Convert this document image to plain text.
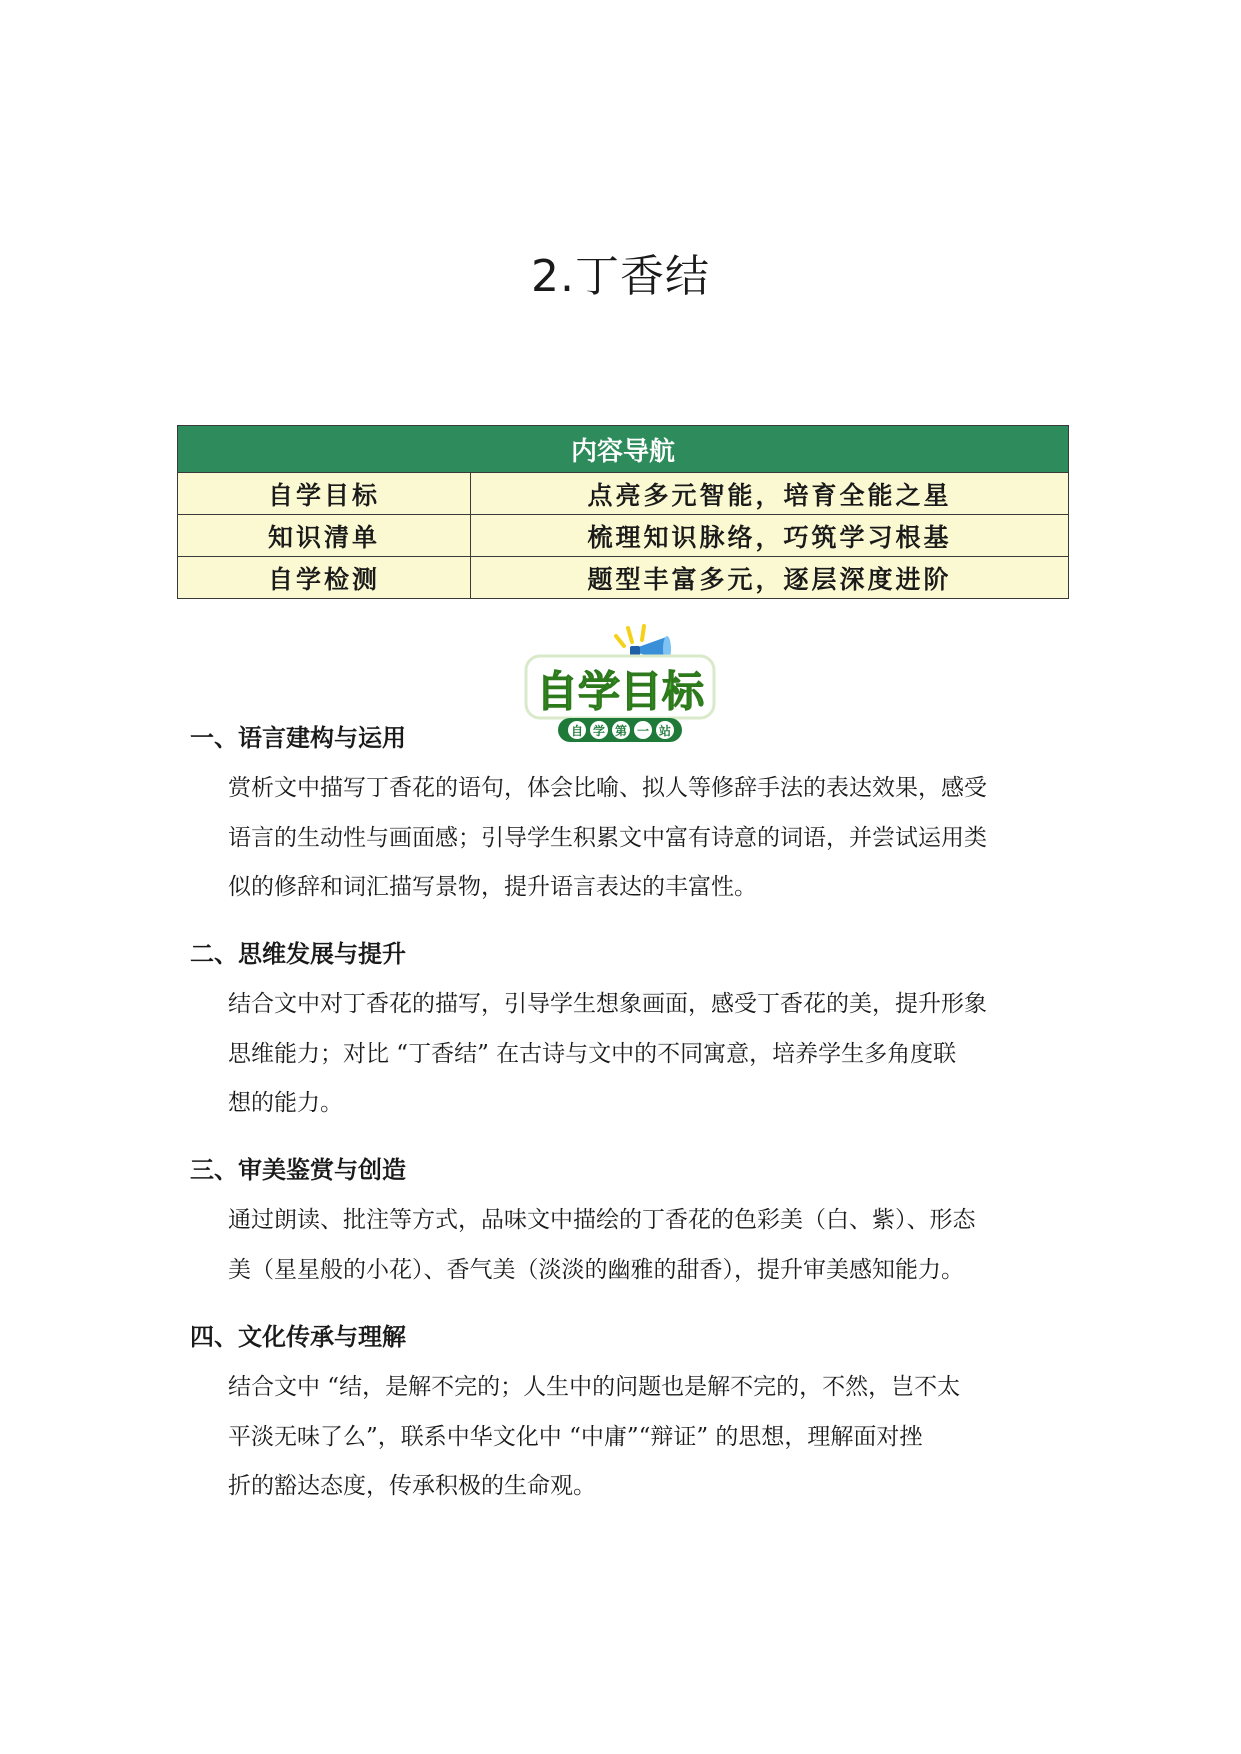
2.丁香结
内容导航	
自学目标	点亮多元智能，培育全能之星
知识清单	梳理知识脉络，巧筑学习根基
自学检测	题型丰富多元，逐层深度进阶
自学目标
自 学 第 一 站
一、语言建构与运用
赏析文中描写丁香花的语句，体会比喻、拟人等修辞手法的表达效果，感受
语言的生动性与画面感；引导学生积累文中富有诗意的词语，并尝试运用类
似的修辞和词汇描写景物，提升语言表达的丰富性。
二、思维发展与提升
结合文中对丁香花的描写，引导学生想象画面，感受丁香花的美，提升形象
思维能力；对比 “丁香结” 在古诗与文中的不同寓意，培养学生多角度联
想的能力。
三、审美鉴赏与创造
通过朗读、批注等方式，品味文中描绘的丁香花的色彩美（白、紫）、形态
美（星星般的小花）、香气美（淡淡的幽雅的甜香），提升审美感知能力。
四、文化传承与理解
结合文中 “结，是解不完的；人生中的问题也是解不完的，不然，岂不太
平淡无味了么”，联系中华文化中 “中庸”“辩证” 的思想，理解面对挫
折的豁达态度，传承积极的生命观。
